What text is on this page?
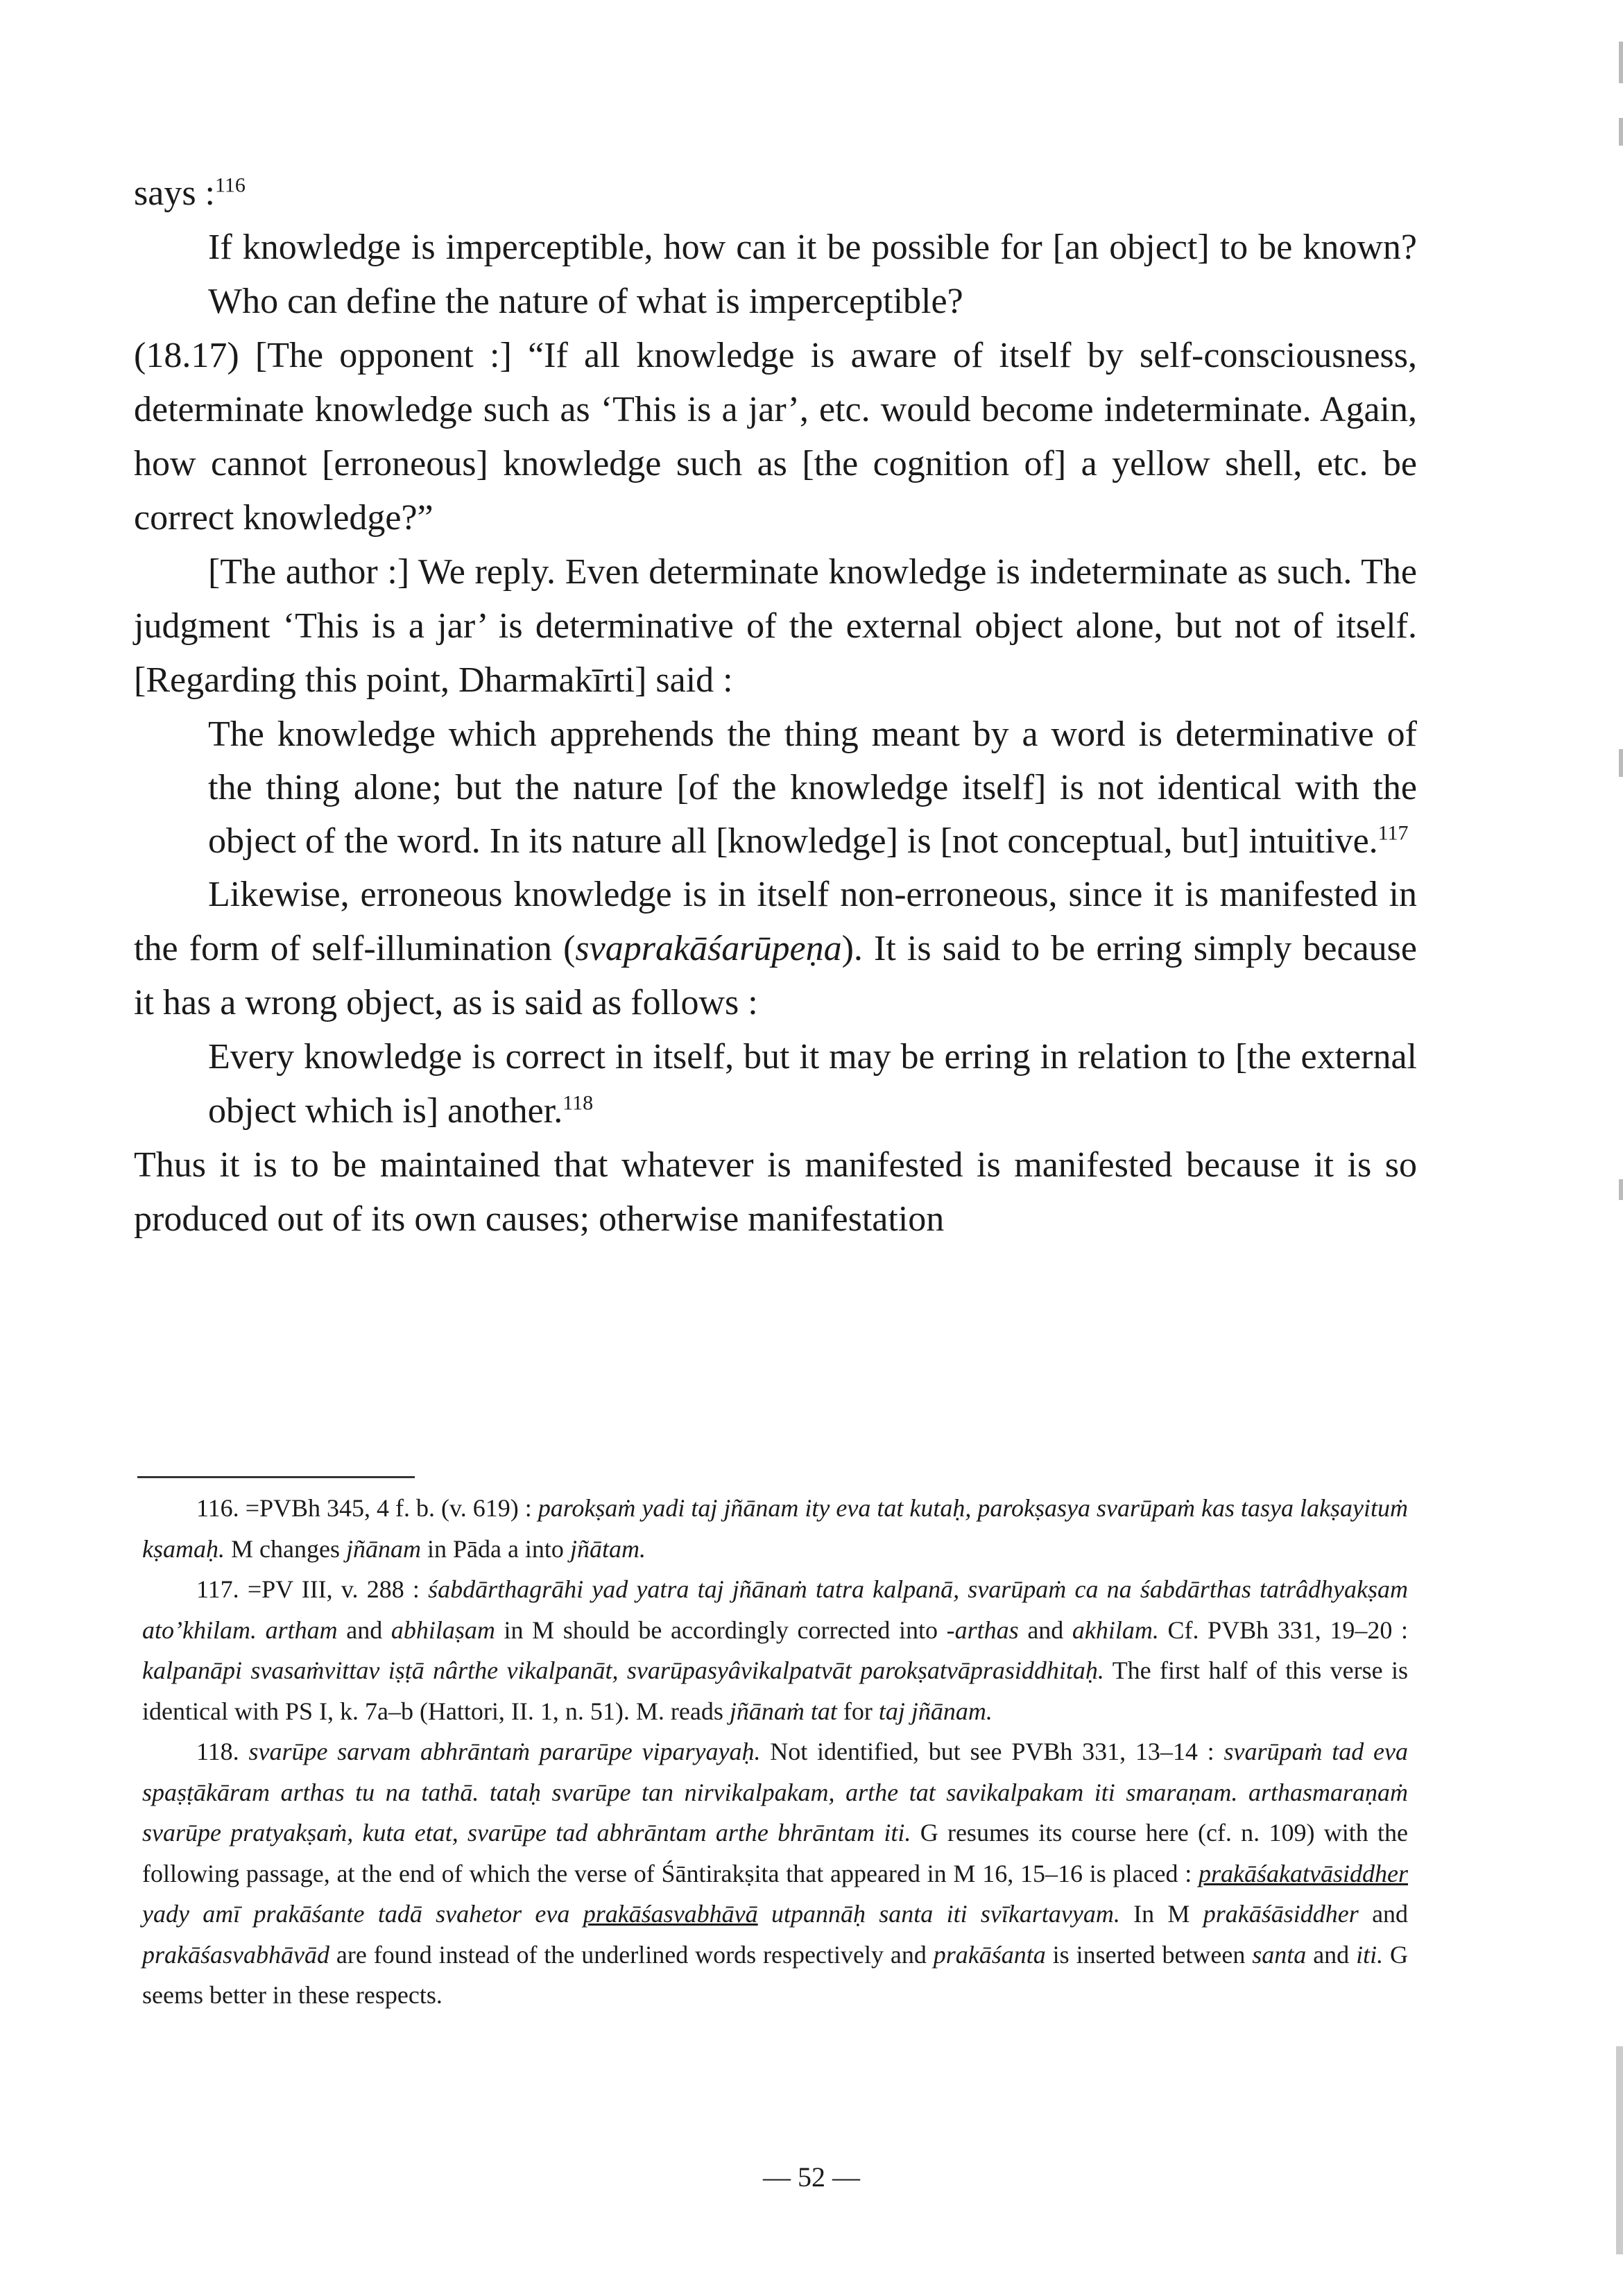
says :$^{116}$

If knowledge is imperceptible, how can it be possible for [an object] to be known? Who can define the nature of what is imperceptible?

(18.17) [The opponent :] “If all knowledge is aware of itself by self-consciousness, determinate knowledge such as ‘This is a jar’, etc. would become indeterminate. Again, how cannot [erroneous] knowledge such as [the cognition of] a yellow shell, etc. be correct knowledge?”

[The author :] We reply. Even determinate knowledge is indeterminate as such. The judgment ‘This is a jar’ is determinative of the external object alone, but not of itself. [Regarding this point, Dharmakīrti] said :

The knowledge which apprehends the thing meant by a word is determinative of the thing alone; but the nature [of the knowledge itself] is not identical with the object of the word. In its nature all [knowledge] is [not conceptual, but] intuitive.$^{117}$

Likewise, erroneous knowledge is in itself non-erroneous, since it is manifested in the form of self-illumination (svaprakāśarūpeṇa). It is said to be erring simply because it has a wrong object, as is said as follows :

Every knowledge is correct in itself, but it may be erring in relation to [the external object which is] another.$^{118}$

Thus it is to be maintained that whatever is manifested is manifested because it is so produced out of its own causes; otherwise manifestation

116. =PVBh 345, 4 f. b. (v. 619) : parokṣaṁ yadi taj jñānam ity eva tat kutaḥ, parokṣasya svarūpaṁ kas tasya lakṣayituṁ kṣamaḥ. M changes jñānam in Pāda a into jñātam.

117. =PV III, v. 288 : śabdārthagrāhi yad yatra taj jñānaṁ tatra kalpanā, svarūpaṁ ca na śabdārthas tatrâdhyakṣam ato’khilam. artham and abhilaṣam in M should be accordingly corrected into -arthas and akhilam. Cf. PVBh 331, 19–20 : kalpanāpi svasaṁvittav iṣṭā nârthe vikalpanāt, svarūpasyâvikalpatvāt parokṣatvāprasiddhitaḥ. The first half of this verse is identical with PS I, k. 7a–b (Hattori, II. 1, n. 51). M. reads jñānaṁ tat for taj jñānam.

118. svarūpe sarvam abhrāntaṁ pararūpe viparyayaḥ. Not identified, but see PVBh 331, 13–14 : svarūpaṁ tad eva spaṣṭākāram arthas tu na tathā. tataḥ svarūpe tan nirvikalpakam, arthe tat savikalpakam iti smaraṇam. arthasmaraṇaṁ svarūpe pratyakṣaṁ, kuta etat, svarūpe tad abhrāntam arthe bhrāntam iti. G resumes its course here (cf. n. 109) with the following passage, at the end of which the verse of Śāntirakṣita that appeared in M 16, 15–16 is placed : prakāśakatvāsiddher yady amī prakāśante tadā svahetor eva prakāśasvabhāvā utpannāḥ santa iti svīkartavyam. In M prakāśāsiddher and prakāśasvabhāvād are found instead of the underlined words respectively and prakāśanta is inserted between santa and iti. G seems better in these respects.

— 52 —
